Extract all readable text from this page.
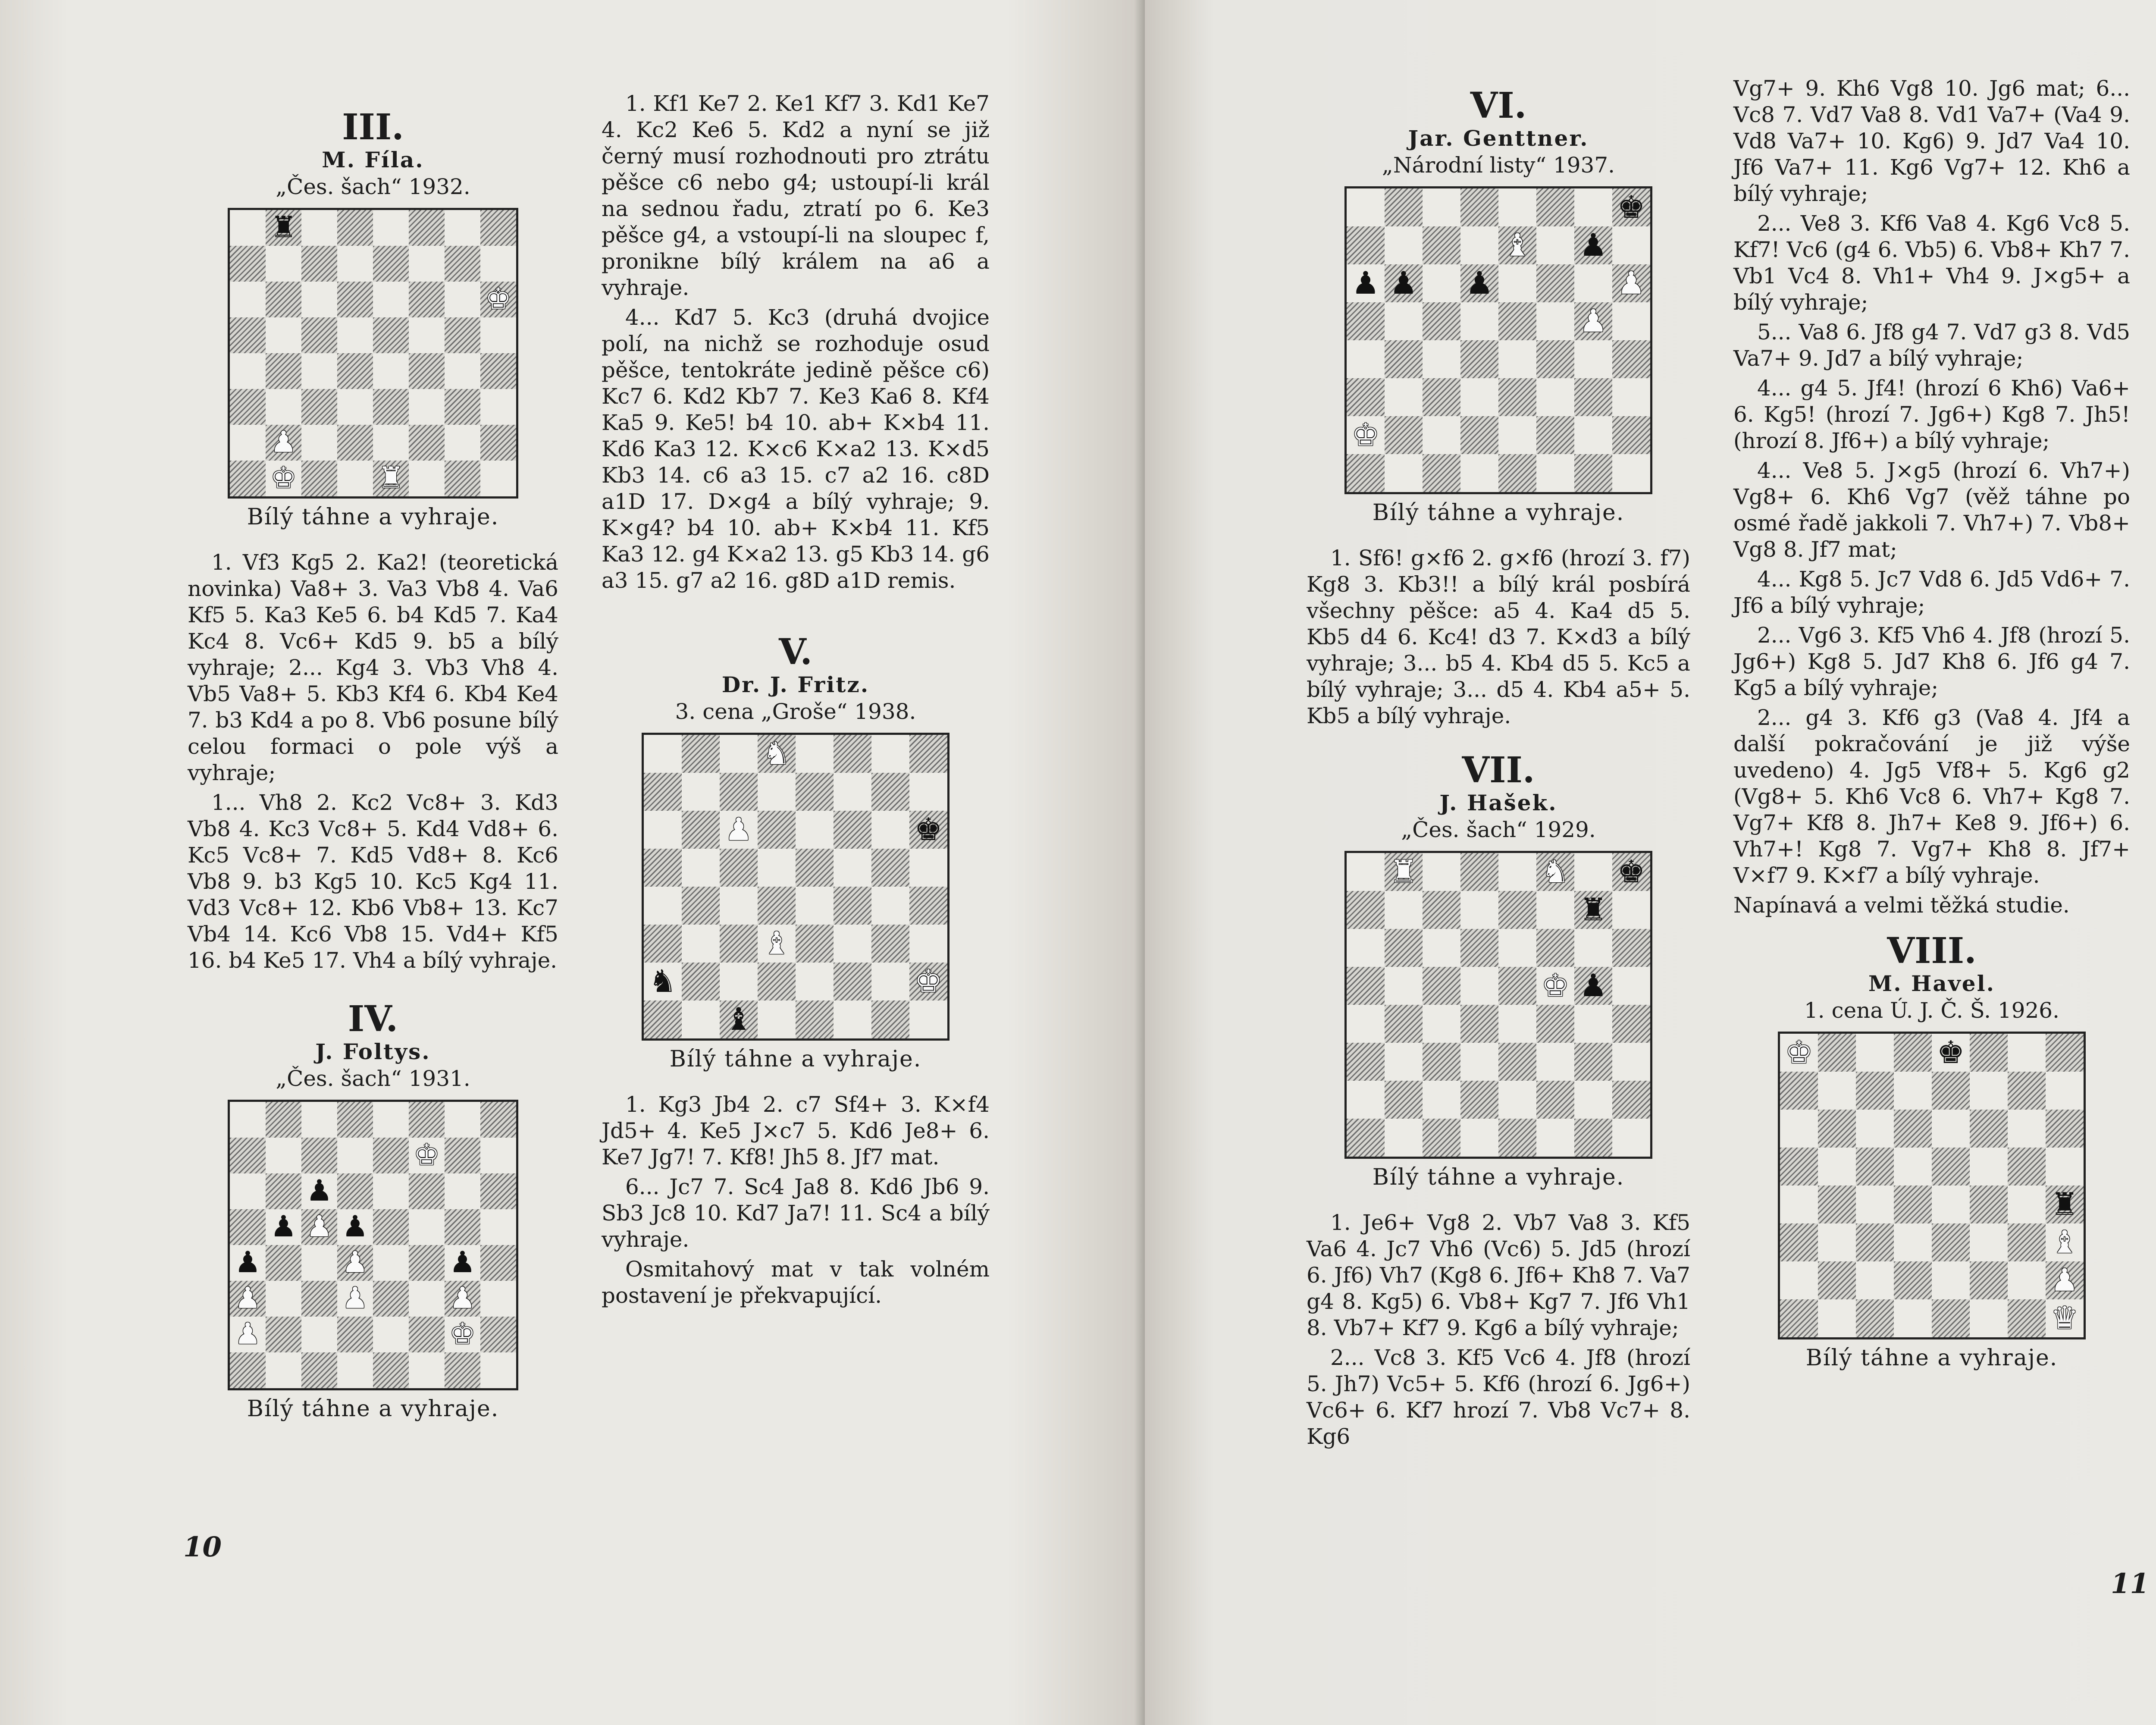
III.
M. Fíla.
„Čes. šach“ 1932.
♜
♚
♟
♚	♜
Bílý táhne a vyhraje.

1. Vf3 Kg5 2. Ka2! (teoretická novinka) Va8+ 3. Va3 Vb8 4. Va6 Kf5 5. Ka3 Ke5 6. b4 Kd5 7. Ka4 Kc4 8. Vc6+ Kd5 9. b5 a bílý vyhraje; 2... Kg4 3. Vb3 Vh8 4. Vb5 Va8+ 5. Kb3 Kf4 6. Kb4 Ke4 7. b3 Kd4 a po 8. Vb6 posune bílý celou formaci o pole výš a vyhraje;

1... Vh8 2. Kc2 Vc8+ 3. Kd3 Vb8 4. Kc3 Vc8+ 5. Kd4 Vd8+ 6. Kc5 Vc8+ 7. Kd5 Vd8+ 8. Kc6 Vb8 9. b3 Kg5 10. Kc5 Kg4 11. Vd3 Vc8+ 12. Kb6 Vb8+ 13. Kc7 Vb4 14. Kc6 Vb8 15. Vd4+ Kf5 16. b4 Ke5 17. Vh4 a bílý vyhraje.

IV.
J. Foltys.
„Čes. šach“ 1931.
♚
♟
♟ ♟ ♟
♟	♟	♟
♟	♟	♟
♟	♚
Bílý táhne a vyhraje.

1. Kf1 Ke7 2. Ke1 Kf7 3. Kd1 Ke7 4. Kc2 Ke6 5. Kd2 a nyní se již černý musí rozhodnouti pro ztrátu pěšce c6 nebo g4; ustoupí-li král na sednou řadu, ztratí po 6. Ke3 pěšce g4, a vstoupí-li na sloupec f, pronikne bílý králem na a6 a vyhraje.

4... Kd7 5. Kc3 (druhá dvojice polí, na nichž se rozhoduje osud pěšce, tentokráte jedině pěšce c6) Kc7 6. Kd2 Kb7 7. Ke3 Ka6 8. Kf4 Ka5 9. Ke5! b4 10. ab+ K×b4 11. Kd6 Ka3 12. K×c6 K×a2 13. K×d5 Kb3 14. c6 a3 15. c7 a2 16. c8D a1D 17. D×g4 a bílý vyhraje; 9. K×g4? b4 10. ab+ K×b4 11. Kf5 Ka3 12. g4 K×a2 13. g5 Kb3 14. g6 a3 15. g7 a2 16. g8D a1D remis.

V.
Dr. J. Fritz.
3. cena „Grоše“ 1938.
♞
♟	♚
♝
♞	♚
♝
Bílý táhne a vyhraje.

1. Kg3 Jb4 2. c7 Sf4+ 3. K×f4 Jd5+ 4. Ke5 J×c7 5. Kd6 Je8+ 6. Ke7 Jg7! 7. Kf8! Jh5 8. Jf7 mat.

6... Jc7 7. Sc4 Ja8 8. Kd6 Jb6 9. Sb3 Jc8 10. Kd7 Ja7! 11. Sc4 a bílý vyhraje.

Osmitahový mat v tak volném postavení je překvapující.

10
VI.
Jar. Genttner.
„Národní listy“ 1937.
♚
♝ ♟
♟ ♟ ♟	♟
♟
♚
Bílý táhne a vyhraje.

1. Sf6! g×f6 2. g×f6 (hrozí 3. f7) Kg8 3. Kb3!! a bílý král posbírá všechny pěšce: a5 4. Ka4 d5 5. Kb5 d4 6. Kc4! d3 7. K×d3 a bílý vyhraje; 3... b5 4. Kb4 d5 5. Kc5 a bílý vyhraje; 3... d5 4. Kb4 a5+ 5. Kb5 a bílý vyhraje.

VII.
J. Hašek.
„Čes. šach“ 1929.
♜	♞ ♚
♜
♚ ♟
Bílý táhne a vyhraje.

1. Je6+ Vg8 2. Vb7 Va8 3. Kf5 Va6 4. Jc7 Vh6 (Vc6) 5. Jd5 (hrozí 6. Jf6) Vh7 (Kg8 6. Jf6+ Kh8 7. Va7 g4 8. Kg5) 6. Vb8+ Kg7 7. Jf6 Vh1 8. Vb7+ Kf7 9. Kg6 a bílý vyhraje;

2... Vc8 3. Kf5 Vc6 4. Jf8 (hrozí 5. Jh7) Vc5+ 5. Kf6 (hrozí 6. Jg6+) Vc6+ 6. Kf7 hrozí 7. Vb8 Vc7+ 8. Kg6

Vg7+ 9. Kh6 Vg8 10. Jg6 mat; 6... Vc8 7. Vd7 Va8 8. Vd1 Va7+ (Va4 9. Vd8 Va7+ 10. Kg6) 9. Jd7 Va4 10. Jf6 Va7+ 11. Kg6 Vg7+ 12. Kh6 a bílý vyhraje;

2... Ve8 3. Kf6 Va8 4. Kg6 Vc8 5. Kf7! Vc6 (g4 6. Vb5) 6. Vb8+ Kh7 7. Vb1 Vc4 8. Vh1+ Vh4 9. J×g5+ a bílý vyhraje;

5... Va8 6. Jf8 g4 7. Vd7 g3 8. Vd5 Va7+ 9. Jd7 a bílý vyhraje;

4... g4 5. Jf4! (hrozí 6 Kh6) Va6+ 6. Kg5! (hrozí 7. Jg6+) Kg8 7. Jh5! (hrozí 8. Jf6+) a bílý vyhraje;

4... Ve8 5. J×g5 (hrozí 6. Vh7+) Vg8+ 6. Kh6 Vg7 (věž táhne po osmé řadě jakkoli 7. Vh7+) 7. Vb8+ Vg8 8. Jf7 mat;

4... Kg8 5. Jc7 Vd8 6. Jd5 Vd6+ 7. Jf6 a bílý vyhraje;

2... Vg6 3. Kf5 Vh6 4. Jf8 (hrozí 5. Jg6+) Kg8 5. Jd7 Kh8 6. Jf6 g4 7. Kg5 a bílý vyhraje;

2... g4 3. Kf6 g3 (Va8 4. Jf4 a další pokračování je již výše uvedeno) 4. Jg5 Vf8+ 5. Kg6 g2 (Vg8+ 5. Kh6 Vc8 6. Vh7+ Kg8 7. Vg7+ Kf8 8. Jh7+ Ke8 9. Jf6+) 6. Vh7+! Kg8 7. Vg7+ Kh8 8. Jf7+ V×f7 9. K×f7 a bílý vyhraje.

Napínavá a velmi těžká studie.

VIII.
M. Havel.
1. cena Ú. J. Č. Š. 1926.
♚	♚
♜
♝
♟
♛
Bílý táhne a vyhraje.
11
